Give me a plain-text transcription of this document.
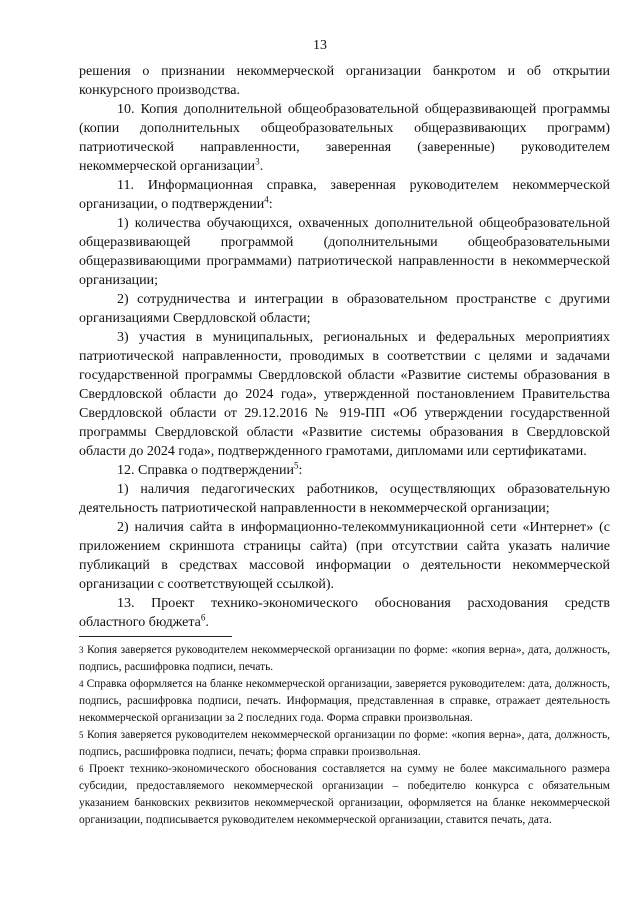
13

решения о признании некоммерческой организации банкротом и об открытии конкурсного производства.

10. Копия дополнительной общеобразовательной общеразвивающей программы (копии дополнительных общеобразовательных общеразвивающих программ) патриотической направленности, заверенная (заверенные) руководителем некоммерческой организации$^3$.

11. Информационная справка, заверенная руководителем некоммерческой организации, о подтверждении$^4$:

1) количества обучающихся, охваченных дополнительной общеобразовательной общеразвивающей программой (дополнительными общеобразовательными общеразвивающими программами) патриотической направленности в некоммерческой организации;

2) сотрудничества и интеграции в образовательном пространстве с другими организациями Свердловской области;

3) участия в муниципальных, региональных и федеральных мероприятиях патриотической направленности, проводимых в соответствии с целями и задачами государственной программы Свердловской области «Развитие системы образования в Свердловской области до 2024 года», утвержденной постановлением Правительства Свердловской области от 29.12.2016 № 919-ПП «Об утверждении государственной программы Свердловской области «Развитие системы образования в Свердловской области до 2024 года», подтвержденного грамотами, дипломами или сертификатами.

12. Справка о подтверждении$^5$:

1) наличия педагогических работников, осуществляющих образовательную деятельность патриотической направленности в некоммерческой организации;

2) наличия сайта в информационно-телекоммуникационной сети «Интернет» (с приложением скриншота страницы сайта) (при отсутствии сайта указать наличие публикаций в средствах массовой информации о деятельности некоммерческой организации с соответствующей ссылкой).

13. Проект технико-экономического обоснования расходования средств областного бюджета$^6$.

3 Копия заверяется руководителем некоммерческой организации по форме: «копия верна», дата, должность, подпись, расшифровка подписи, печать.

4 Справка оформляется на бланке некоммерческой организации, заверяется руководителем: дата, должность, подпись, расшифровка подписи, печать. Информация, представленная в справке, отражает деятельность некоммерческой организации за 2 последних года. Форма справки произвольная.

5 Копия заверяется руководителем некоммерческой организации по форме: «копия верна», дата, должность, подпись, расшифровка подписи, печать; форма справки произвольная.

6 Проект технико-экономического обоснования составляется на сумму не более максимального размера субсидии, предоставляемого некоммерческой организации – победителю конкурса с обязательным указанием банковских реквизитов некоммерческой организации, оформляется на бланке некоммерческой организации, подписывается руководителем некоммерческой организации, ставится печать, дата.
